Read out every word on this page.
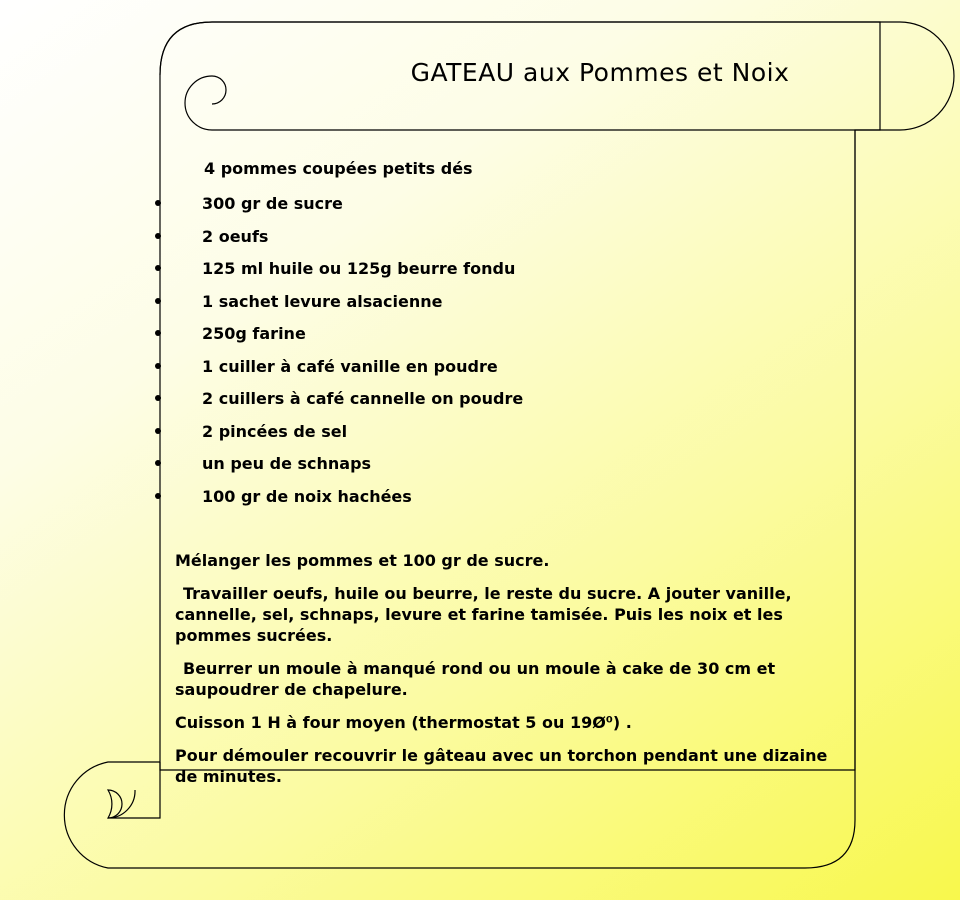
GATEAU aux Pommes et Noix
4 pommes coupées petits dés
300 gr de sucre
2 oeufs
125 ml huile ou 125g beurre fondu
1 sachet levure alsacienne
250g farine
1 cuiller à café vanille en poudre
2 cuillers à café cannelle on poudre
2 pincées de sel
un peu de schnaps
100 gr de noix hachées

Mélanger les pommes et 100 gr de sucre.

Travailler oeufs, huile ou beurre, le reste du sucre. A jouter vanille, cannelle, sel, schnaps, levure et farine tamisée. Puis les noix et les pommes sucrées.

Beurrer un moule à manqué rond ou un moule à cake de 30 cm et saupoudrer de chapelure.

Cuisson 1 H à four moyen (thermostat 5 ou 19Ø⁰) .

Pour démouler recouvrir le gâteau avec un torchon pendant une dizaine de minutes.
